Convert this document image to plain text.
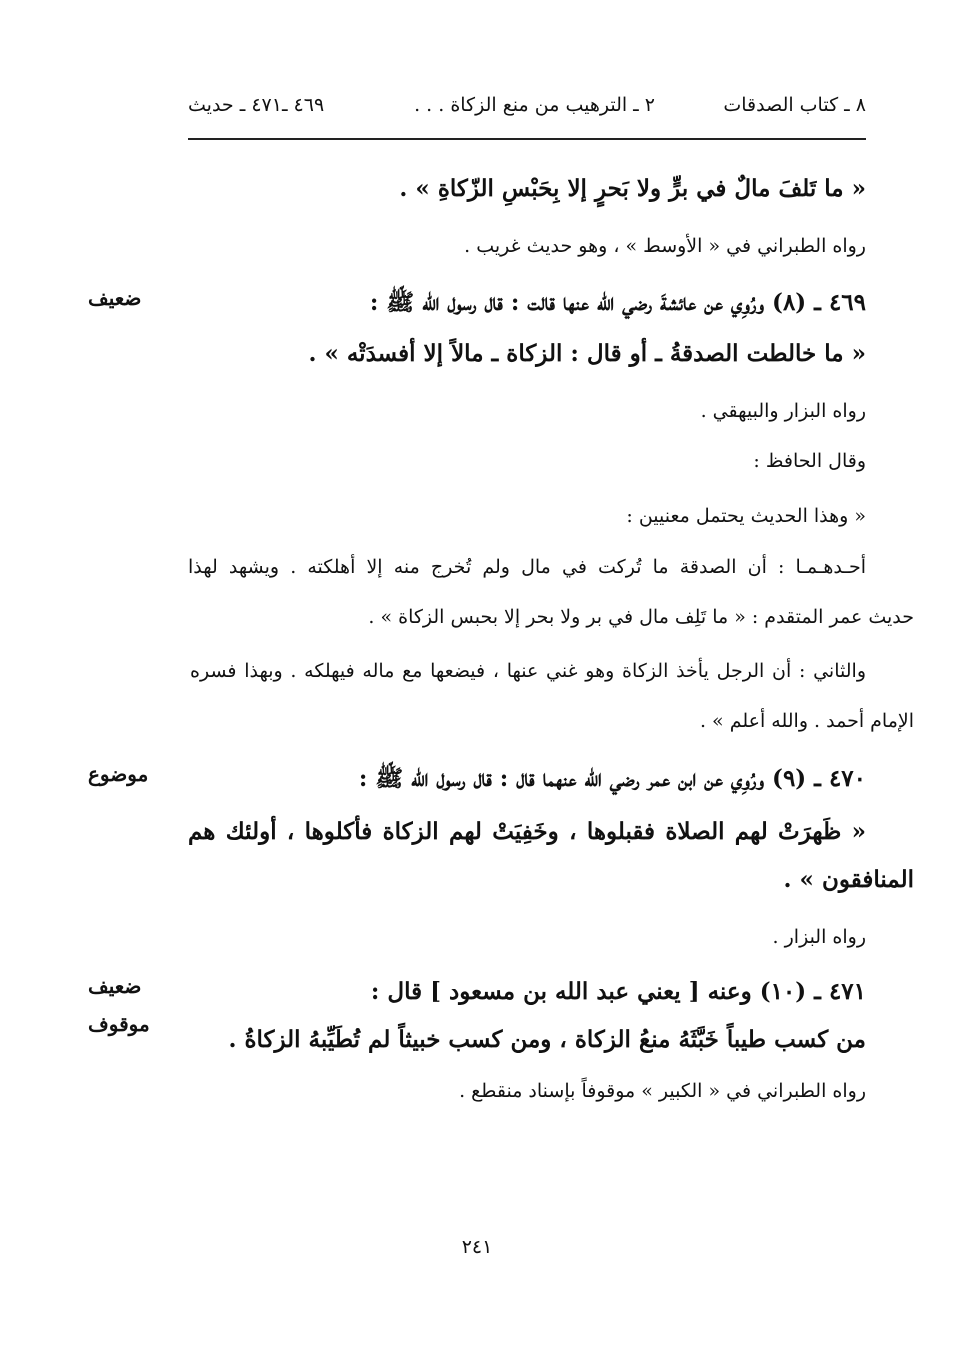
٨ ـ كتاب الصدقات
٢ ـ الترهيب من منع الزكاة . . .
٤٦٩ ـ٤٧١ ـ حديث
« ما تَلفَ مالٌ في برٍّ ولا بَحرٍ إلا بِحَبْسِ الزّكاةِ » .
رواه الطبراني في « الأوسط » ، وهو حديث غريب .
٤٦٩ ـ (٨) ورُوِي عن عائشةَ رضي الله عنها قالت : قال رسول الله ﷺ :
ضعيف
« ما خالطت الصدقةُ ـ أو قال : الزكاة ـ مالاً إلا أفسدَتْه » .
رواه البزار والبيهقي .
وقال الحافظ :
« وهذا الحديث يحتمل معنيين :
أحـدهـمـا : أن الصدقة ما تُركت في مال ولم تُخرج منه إلا أهلكته . ويشهد لهذا
حديث عمر المتقدم : « ما تَلِف مال في بر ولا بحر إلا بحبس الزكاة » .
والثاني : أن الرجل يأخذ الزكاة وهو غني عنها ، فيضعها مع ماله فيهلكه . وبهذا فسره
الإمام أحمد . والله أعلم » .
٤٧٠ ـ (٩) ورُوِي عن ابن عمر رضي الله عنهما قال : قال رسول الله ﷺ :
موضوع
« ظَهرَتْ لهم الصلاة فقبلوها ، وخَفِيَتْ لهم الزكاة فأكلوها ، أولئك هم
المنافقون » .
رواه البزار .
٤٧١ ـ (١٠) وعنه [ يعني عبد الله بن مسعود ] قال :
ضعيف
موقوف
من كسب طيباً خَبَّثَهُ منعُ الزكاة ، ومن كسب خبيثاً لم تُطَيِّبهُ الزكاةُ .
رواه الطبراني في « الكبير » موقوفاً بإسناد منقطع .
٢٤١
